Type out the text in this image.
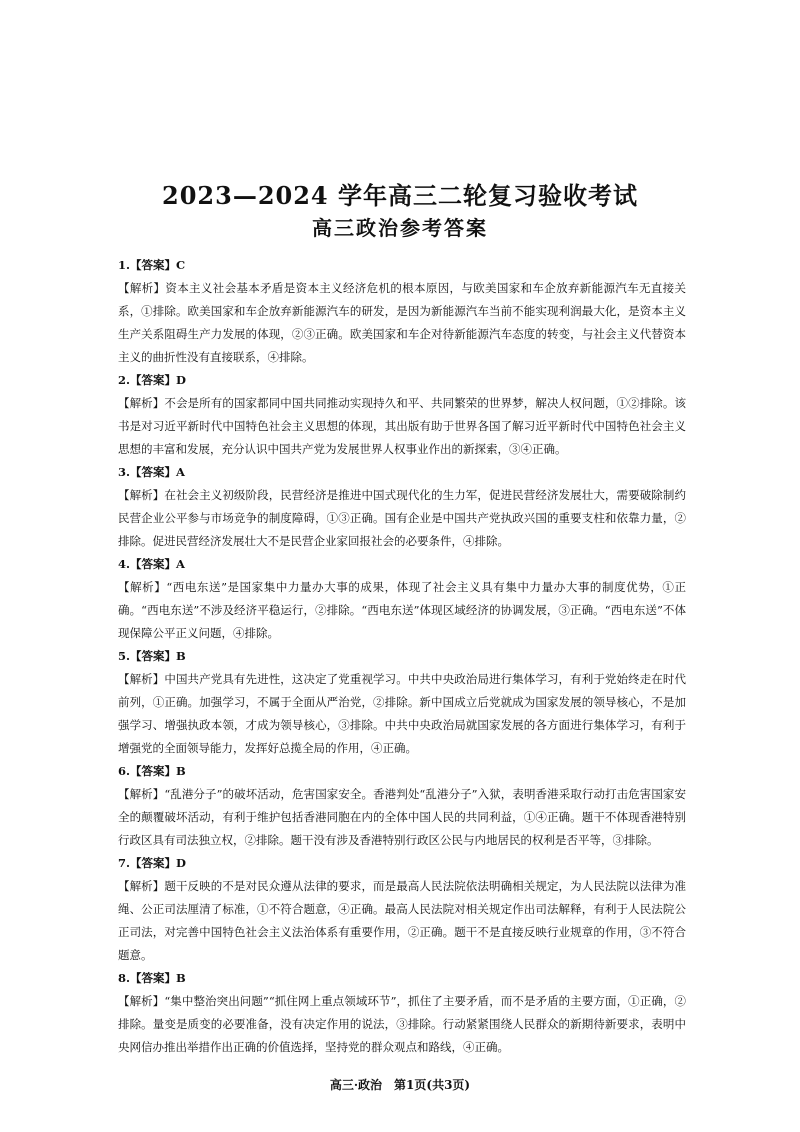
2023—2024 学年高三二轮复习验收考试
高三政治参考答案
1.【答案】C
【解析】资本主义社会基本矛盾是资本主义经济危机的根本原因，与欧美国家和车企放弃新能源汽车无直接关系，①排除。欧美国家和车企放弃新能源汽车的研发，是因为新能源汽车当前不能实现利润最大化，是资本主义生产关系阻碍生产力发展的体现，②③正确。欧美国家和车企对待新能源汽车态度的转变，与社会主义代替资本主义的曲折性没有直接联系，④排除。
2.【答案】D
【解析】不会是所有的国家都同中国共同推动实现持久和平、共同繁荣的世界梦，解决人权问题，①②排除。该书是对习近平新时代中国特色社会主义思想的体现，其出版有助于世界各国了解习近平新时代中国特色社会主义思想的丰富和发展，充分认识中国共产党为发展世界人权事业作出的新探索，③④正确。
3.【答案】A
【解析】在社会主义初级阶段，民营经济是推进中国式现代化的生力军，促进民营经济发展壮大，需要破除制约民营企业公平参与市场竞争的制度障碍，①③正确。国有企业是中国共产党执政兴国的重要支柱和依靠力量，②排除。促进民营经济发展壮大不是民营企业家回报社会的必要条件，④排除。
4.【答案】A
【解析】“西电东送”是国家集中力量办大事的成果，体现了社会主义具有集中力量办大事的制度优势，①正确。“西电东送”不涉及经济平稳运行，②排除。“西电东送”体现区域经济的协调发展，③正确。“西电东送”不体现保障公平正义问题，④排除。
5.【答案】B
【解析】中国共产党具有先进性，这决定了党重视学习。中共中央政治局进行集体学习，有利于党始终走在时代前列，①正确。加强学习，不属于全面从严治党，②排除。新中国成立后党就成为国家发展的领导核心，不是加强学习、增强执政本领，才成为领导核心，③排除。中共中央政治局就国家发展的各方面进行集体学习，有利于增强党的全面领导能力，发挥好总揽全局的作用，④正确。
6.【答案】B
【解析】“乱港分子”的破坏活动，危害国家安全。香港判处“乱港分子”入狱，表明香港采取行动打击危害国家安全的颠覆破坏活动，有利于维护包括香港同胞在内的全体中国人民的共同利益，①④正确。题干不体现香港特别行政区具有司法独立权，②排除。题干没有涉及香港特别行政区公民与内地居民的权利是否平等，③排除。
7.【答案】D
【解析】题干反映的不是对民众遵从法律的要求，而是最高人民法院依法明确相关规定，为人民法院以法律为准绳、公正司法厘清了标准，①不符合题意，④正确。最高人民法院对相关规定作出司法解释，有利于人民法院公正司法，对完善中国特色社会主义法治体系有重要作用，②正确。题干不是直接反映行业规章的作用，③不符合题意。
8.【答案】B
【解析】“集中整治突出问题”“抓住网上重点领域环节”，抓住了主要矛盾，而不是矛盾的主要方面，①正确，②排除。量变是质变的必要准备，没有决定作用的说法，③排除。行动紧紧围绕人民群众的新期待新要求，表明中央网信办推出举措作出正确的价值选择，坚持党的群众观点和路线，④正确。
高三·政治　第1页(共3页)
